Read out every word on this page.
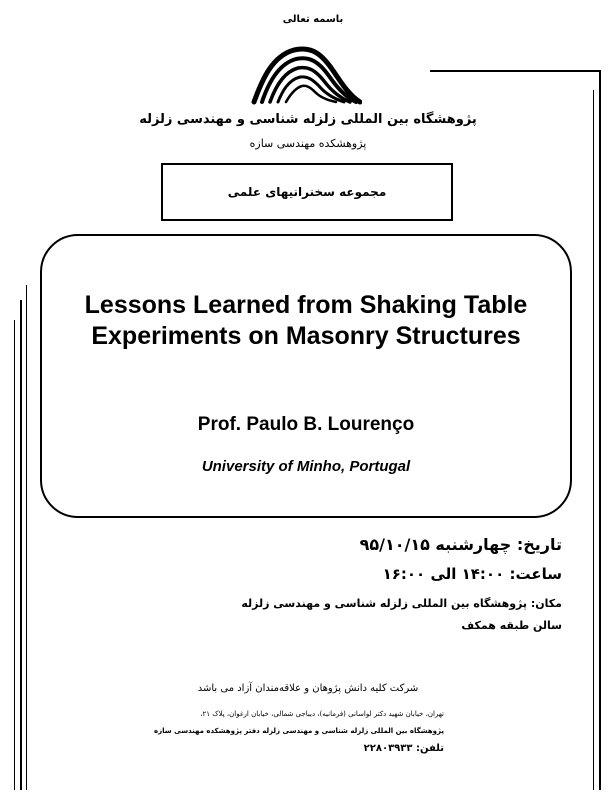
باسمه تعالی
پژوهشگاه بین المللی زلزله شناسی و مهندسی زلزله
پژوهشکده مهندسی سازه
مجموعه سخنرانیهای علمی
Lessons Learned from Shaking Table
Experiments on Masonry Structures
Prof. Paulo B. Lourenço
University of Minho, Portugal
تاریخ: چهارشنبه ۹۵/۱۰/۱۵
ساعت: ۱۴:۰۰ الی ۱۶:۰۰
مکان: پژوهشگاه بین المللی زلزله شناسی و مهندسی زلزله
سالن طبقه همکف
شرکت کلیه دانش پژوهان و علاقه‌مندان آزاد می باشد
تهران، خیابان شهید دکتر لواسانی (فرمانیه)، دیباجی شمالی، خیابان ارغوان، پلاک ۲۱،
پژوهشگاه بین المللی زلزله شناسی و مهندسی زلزله دفتر پژوهشکده مهندسی سازه
تلفن: ۲۲۸۰۳۹۳۳
